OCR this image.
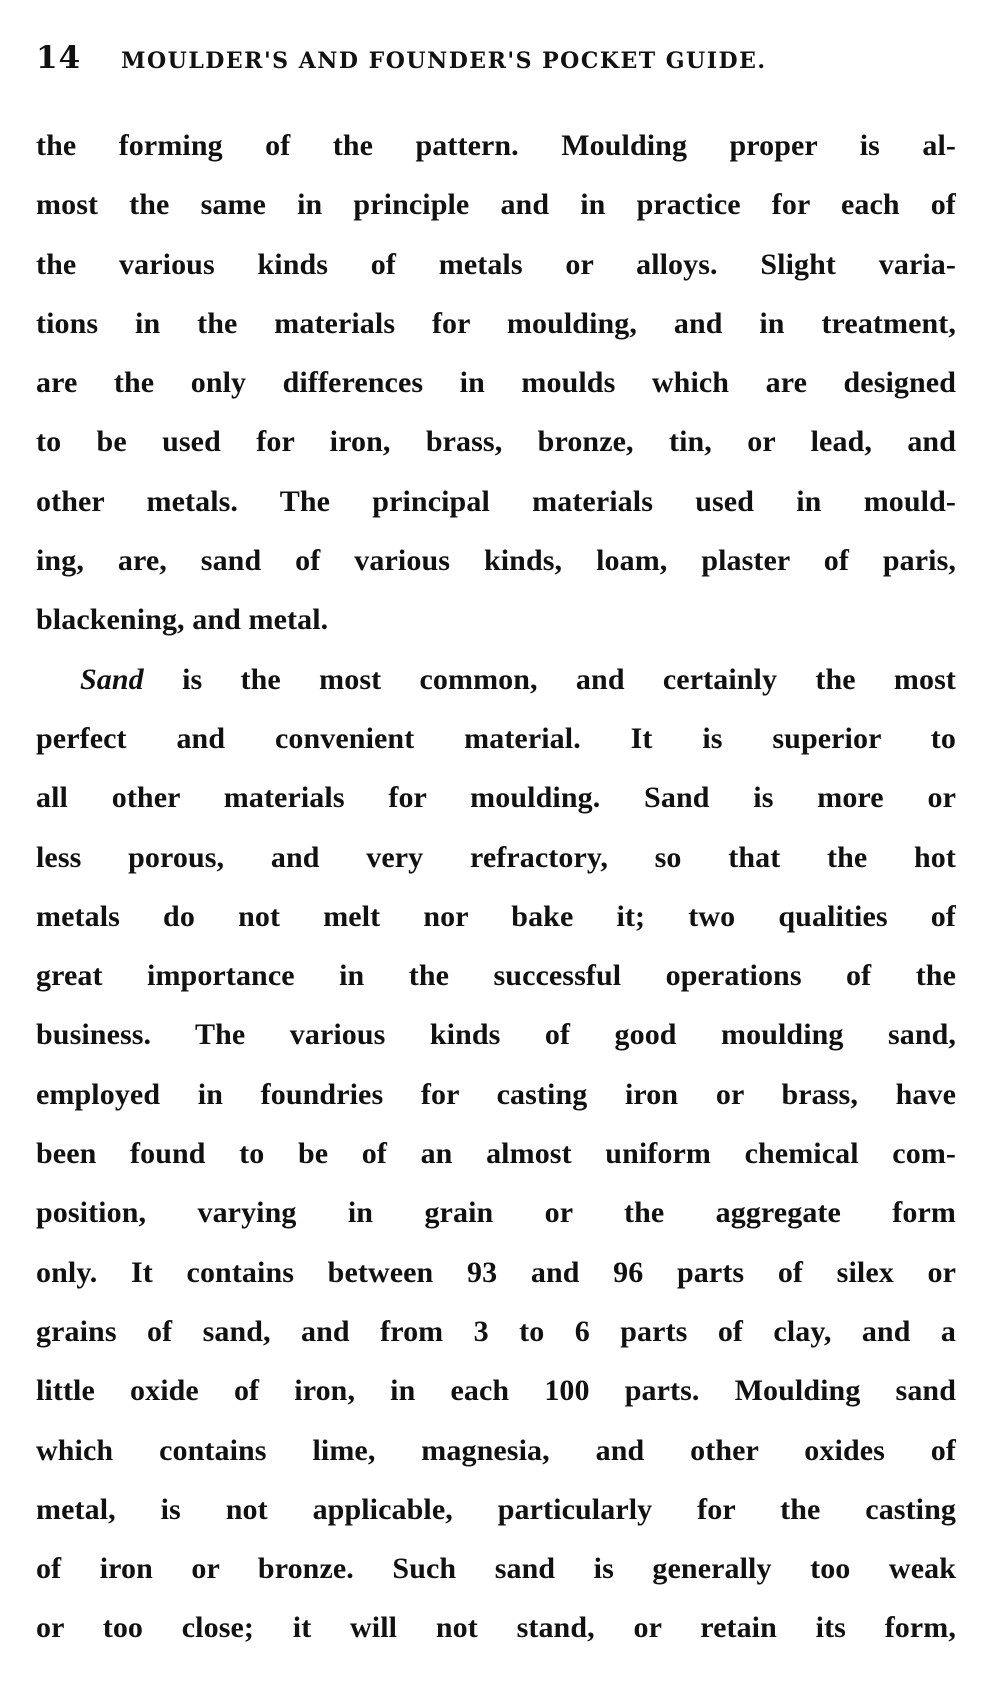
14 MOULDER'S AND FOUNDER'S POCKET GUIDE.
the forming of the pattern. Moulding proper is al-
most the same in principle and in practice for each of
the various kinds of metals or alloys. Slight varia-
tions in the materials for moulding, and in treatment,
are the only differences in moulds which are designed
to be used for iron, brass, bronze, tin, or lead, and
other metals. The principal materials used in mould-
ing, are, sand of various kinds, loam, plaster of paris,
blackening, and metal.
Sand is the most common, and certainly the most
perfect and convenient material. It is superior to
all other materials for moulding. Sand is more or
less porous, and very refractory, so that the hot
metals do not melt nor bake it; two qualities of
great importance in the successful operations of the
business. The various kinds of good moulding sand,
employed in foundries for casting iron or brass, have
been found to be of an almost uniform chemical com-
position, varying in grain or the aggregate form
only. It contains between 93 and 96 parts of silex or
grains of sand, and from 3 to 6 parts of clay, and a
little oxide of iron, in each 100 parts. Moulding sand
which contains lime, magnesia, and other oxides of
metal, is not applicable, particularly for the casting
of iron or bronze. Such sand is generally too weak
or too close; it will not stand, or retain its form,
